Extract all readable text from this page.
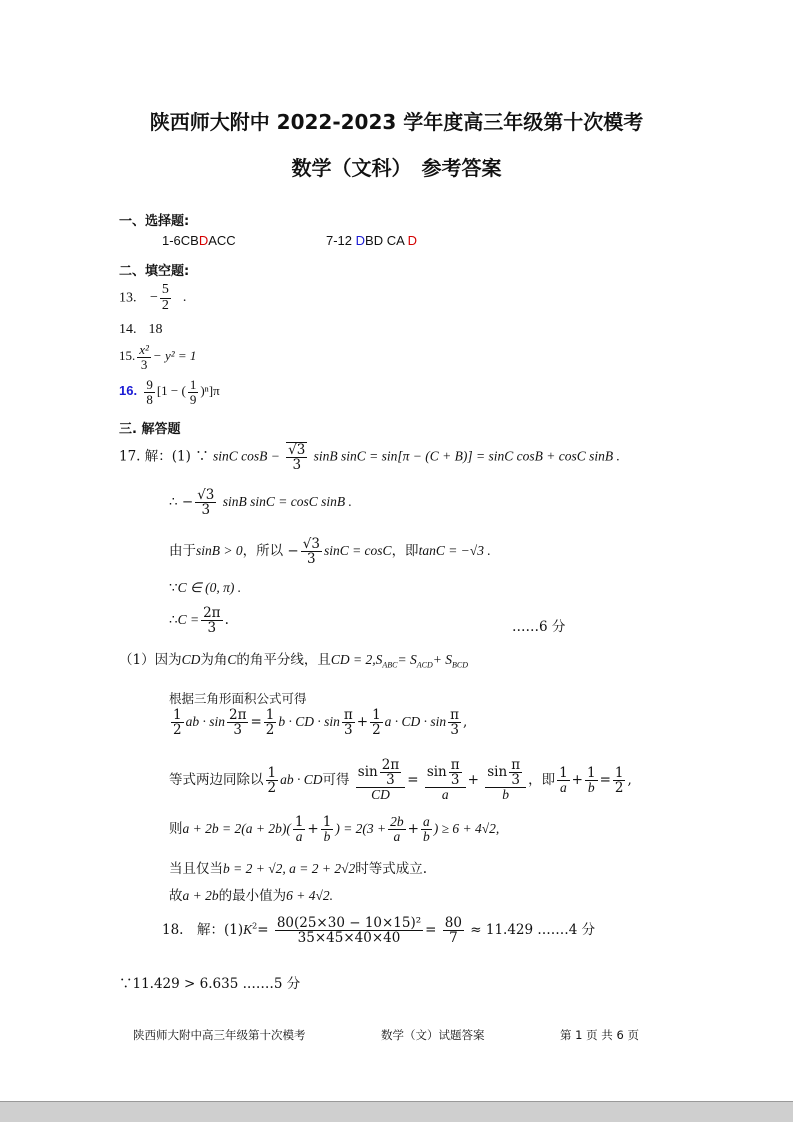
陕西师大附中 2022-2023 学年度高三年级第十次模考
数学（文科）　参考答案
一、选择题:
1-6CBDACC	7-12 DBD CA D
二、填空题:
13. − $\frac{5}{2}$ .
14. 18
15. $\frac{\text{x²}}{3} - y^2 = 1$
16. $\frac{9}{8} [1$ − ( $\frac{1}{9} )^n]\pi$
三. 解答题
17. 解：(1) ∵ sinC $\cos B - \frac{√3}{3}$ sinB sinC = sin[π − (C + B)] = sinC cosB + cosC sinB .
∴ − $\frac{√3}{3}$ sinB sinC = cosC sinB .
由于sinB > 0，所以 − $\frac{√3}{3}$ sinC = cosC，即tanC = −√3 .
∵C ∈ (0, π) .
∴C = $\frac{2\pi}{3}$ .	……6 分
（1）因为CD为角C的角平分线，且CD = $2,S_{ABC}= S_{ACD}+ S_{BCD}$
根据三角形面积公式可得
$\frac{1}{2}$ ab · $\sin \frac{2\pi}{3} = \frac{1}{2}$ b · CD · $\sin \frac{\pi}{3} + \frac{1}{2}$ a · CD · $\sin \frac{\pi}{3}$ ,
等式两边同除以 $\frac{1}{2}$ ab · CD可得 $\frac{\sin \frac{2\pi}{3}}{CD} = \frac{\sin \frac{\pi}{3}}{a} + \frac{\sin \frac{\pi}{3}}{b}$ ，即 $\frac{1}{a} + \frac{1}{b} = \frac{1}{2}$ ,
则$a + 2b = 2(a + 2b)( \frac{1}{a} + \frac{1}{b}$ ) = $2(3 + \frac{2b}{a} + \frac{a}{b}$ ) ≥ 6 + 4√2,
当且仅当b = 2 + √2, a = 2 + 2√2时等式成立.
故a + 2b的最小值为6 + 4√2.
18.　解：$(1)K^2= \frac{\text{80(25×30 − 10×15)²}}{35\times 45\times 40\times 40} = \frac{80}{7} \approx 11.429$ .……4 分
∵11.429 > 6.635 .……5 分
陕西师大附中高三年级第十次模考	数学（文）试题答案	第 1 页 共 6 页
